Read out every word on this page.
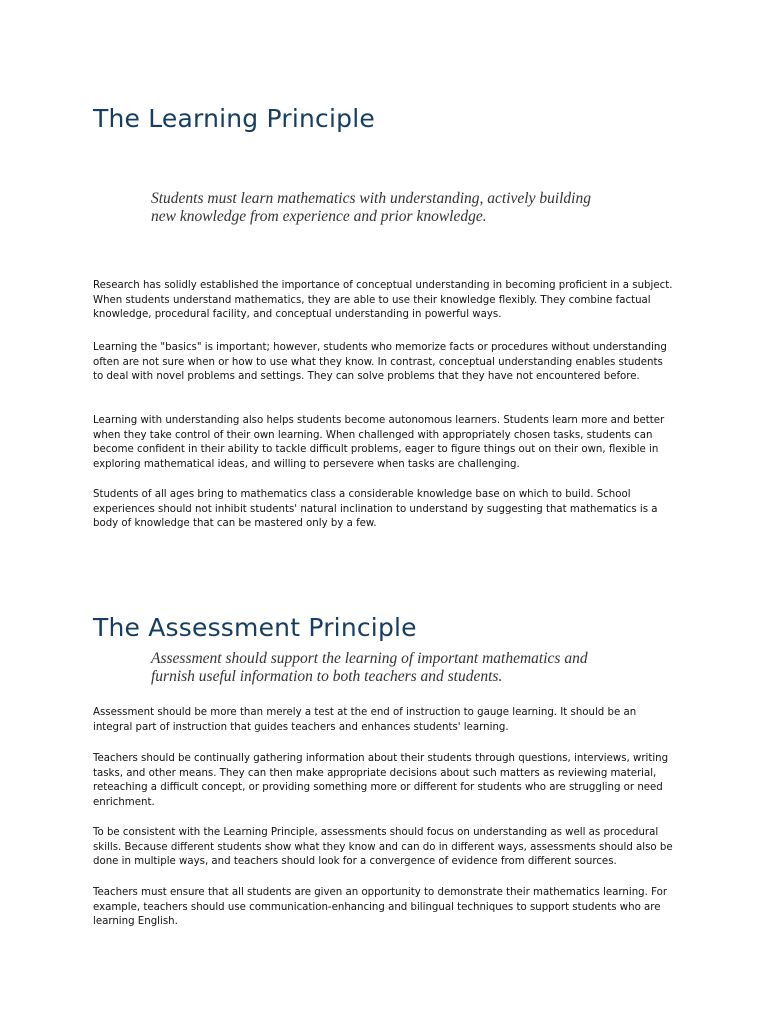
The Learning Principle

Students must learn mathematics with understanding, actively building new knowledge from experience and prior knowledge.

Research has solidly established the importance of conceptual understanding in becoming proficient in a subject. When students understand mathematics, they are able to use their knowledge flexibly. They combine factual knowledge, procedural facility, and conceptual understanding in powerful ways.

Learning the "basics" is important; however, students who memorize facts or procedures without understanding often are not sure when or how to use what they know. In contrast, conceptual understanding enables students to deal with novel problems and settings. They can solve problems that they have not encountered before.

Learning with understanding also helps students become autonomous learners. Students learn more and better when they take control of their own learning. When challenged with appropriately chosen tasks, students can become confident in their ability to tackle difficult problems, eager to figure things out on their own, flexible in exploring mathematical ideas, and willing to persevere when tasks are challenging.

Students of all ages bring to mathematics class a considerable knowledge base on which to build. School experiences should not inhibit students' natural inclination to understand by suggesting that mathematics is a body of knowledge that can be mastered only by a few.

The Assessment Principle

Assessment should support the learning of important mathematics and furnish useful information to both teachers and students.

Assessment should be more than merely a test at the end of instruction to gauge learning. It should be an integral part of instruction that guides teachers and enhances students' learning.

Teachers should be continually gathering information about their students through questions, interviews, writing tasks, and other means. They can then make appropriate decisions about such matters as reviewing material, reteaching a difficult concept, or providing something more or different for students who are struggling or need enrichment.

To be consistent with the Learning Principle, assessments should focus on understanding as well as procedural skills. Because different students show what they know and can do in different ways, assessments should also be done in multiple ways, and teachers should look for a convergence of evidence from different sources.

Teachers must ensure that all students are given an opportunity to demonstrate their mathematics learning. For example, teachers should use communication-enhancing and bilingual techniques to support students who are learning English.
